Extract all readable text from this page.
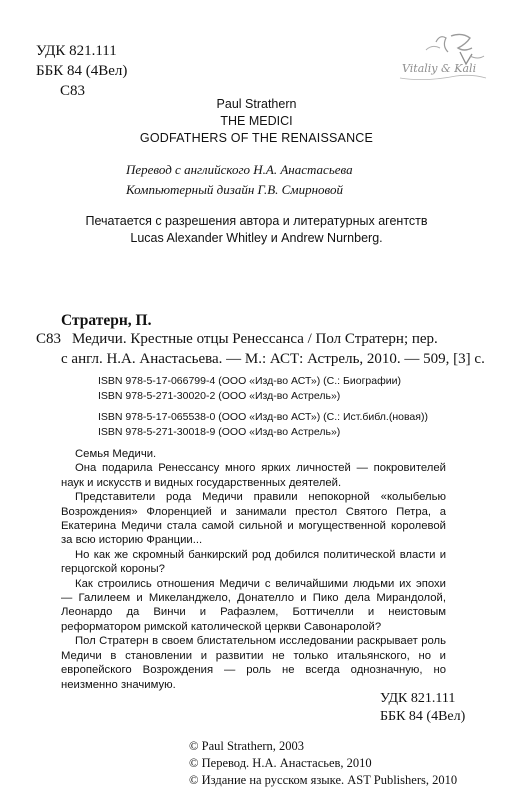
УДК 821.111
ББК 84 (4Вел)
С83
Vitaliy & Kali
Paul Strathern
THE MEDICI
GODFATHERS OF THE RENAISSANCE
Перевод с английского Н.А. Анастасьева
Компьютерный дизайн Г.В. Смирновой
Печатается с разрешения автора и литературных агентств
Lucas Alexander Whitley и Andrew Nurnberg.
Стратерн, П.
С83 Медичи. Крестные отцы Ренессанса / Пол Стратерн; пер.
с англ. Н.А. Анастасьева. — М.: АСТ: Астрель, 2010. — 509, [3] с.
ISBN 978-5-17-066799-4 (ООО «Изд-во АСТ») (С.: Биографии)
ISBN 978-5-271-30020-2 (ООО «Изд-во Астрель»)
ISBN 978-5-17-065538-0 (ООО «Изд-во АСТ») (С.: Ист.библ.(новая))
ISBN 978-5-271-30018-9 (ООО «Изд-во Астрель»)

Семья Медичи.

Она подарила Ренессансу много ярких личностей — покровителей наук и искусств и видных государственных деятелей.

Представители рода Медичи правили непокорной «колыбелью Возрождения» Флоренцией и занимали престол Святого Петра, а Екатерина Медичи стала самой сильной и могущественной королевой за всю историю Франции...

Но как же скромный банкирский род добился политической власти и герцогской короны?

Как строились отношения Медичи с величайшими людьми их эпохи — Галилеем и Микеланджело, Донателло и Пико дела Мирандолой, Леонардо да Винчи и Рафаэлем, Боттичелли и неистовым реформатором римской католической церкви Савонаролой?

Пол Стратерн в своем блистательном исследовании раскрывает роль Медичи в становлении и развитии не только итальянского, но и европейского Возрождения — роль не всегда однозначную, но неизменно значимую.

УДК 821.111
ББК 84 (4Вел)
© Paul Strathern, 2003
© Перевод. Н.А. Анастасьев, 2010
© Издание на русском языке. AST Publishers, 2010
